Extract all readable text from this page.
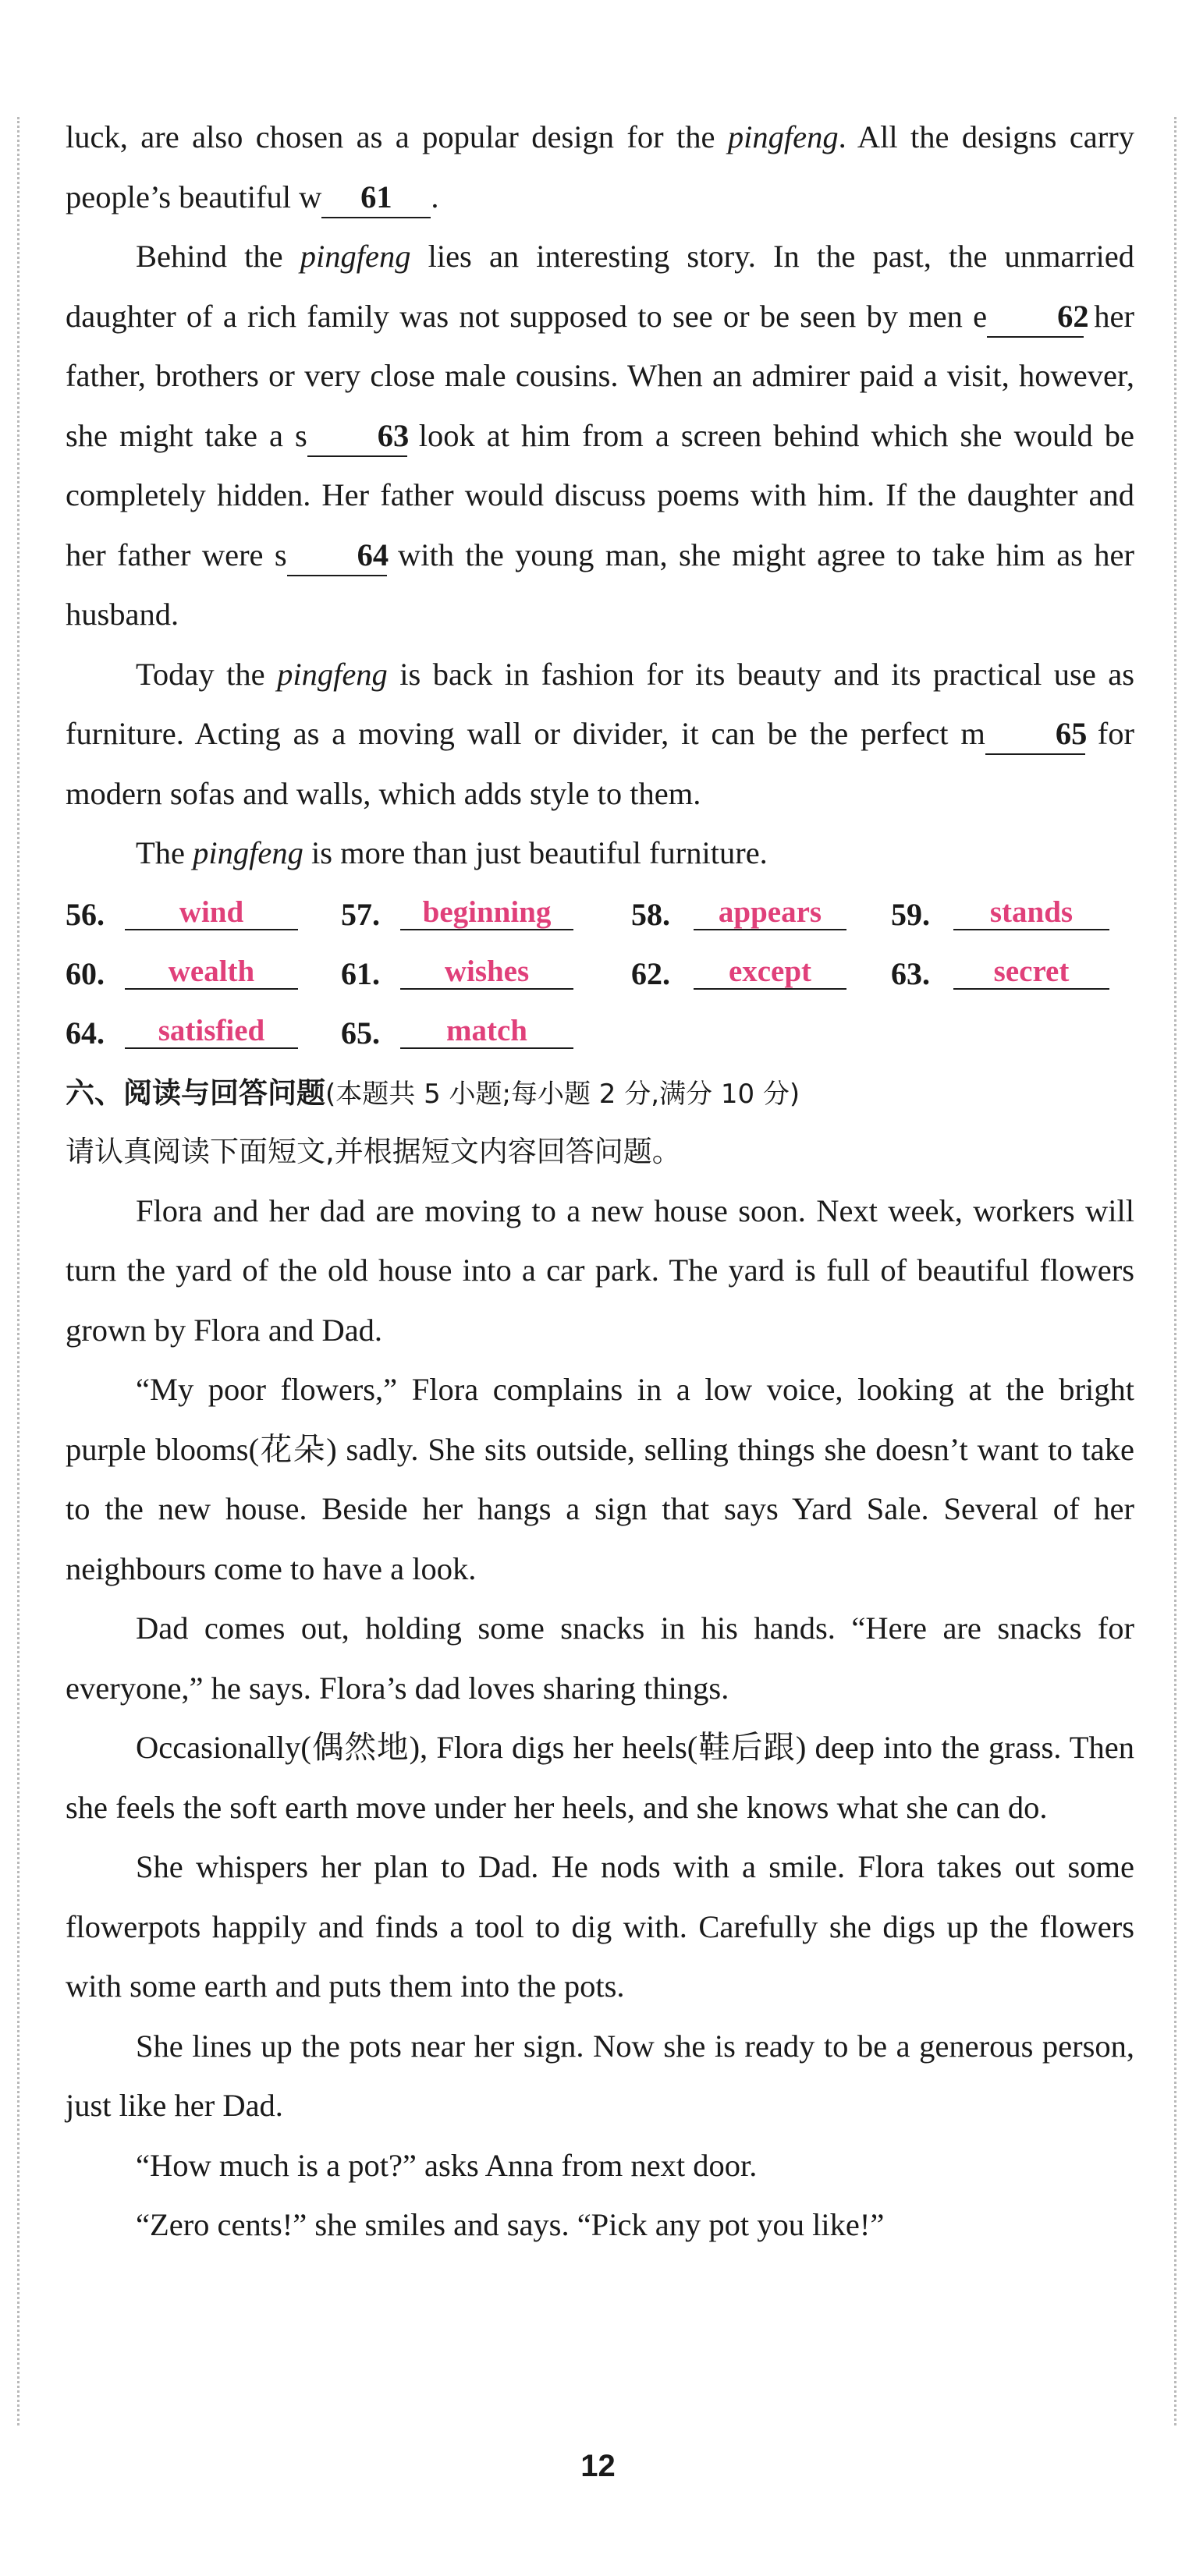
luck, are also chosen as a popular design for the pingfeng. All the designs carry people’s beautiful w 61 .

Behind the pingfeng lies an interesting story. In the past, the unmarried daughter of a rich family was not supposed to see or be seen by men e 62 her father, brothers or very close male cousins. When an admirer paid a visit, however, she might take a s 63 look at him from a screen behind which she would be completely hidden. Her father would discuss poems with him. If the daughter and her father were s 64 with the young man, she might agree to take him as her husband.

Today the pingfeng is back in fashion for its beauty and its practical use as furniture. Acting as a moving wall or divider, it can be the perfect m 65 for modern sofas and walls, which adds style to them.

The pingfeng is more than just beautiful furniture.

56.	wind	57.	beginning	58.	appears	59.	stands
60.	wealth	61.	wishes	62.	except	63.	secret
64.	satisfied	65.	match
六、阅读与回答问题(本题共 5 小题;每小题 2 分,满分 10 分)
请认真阅读下面短文,并根据短文内容回答问题。

Flora and her dad are moving to a new house soon. Next week, workers will turn the yard of the old house into a car park. The yard is full of beautiful flowers grown by Flora and Dad.

“My poor flowers,” Flora complains in a low voice, looking at the bright purple blooms(花朵) sadly. She sits outside, selling things she doesn’t want to take to the new house. Beside her hangs a sign that says Yard Sale. Several of her neighbours come to have a look.

Dad comes out, holding some snacks in his hands. “Here are snacks for everyone,” he says. Flora’s dad loves sharing things.

Occasionally(偶然地), Flora digs her heels(鞋后跟) deep into the grass. Then she feels the soft earth move under her heels, and she knows what she can do.

She whispers her plan to Dad. He nods with a smile. Flora takes out some flowerpots happily and finds a tool to dig with. Carefully she digs up the flowers with some earth and puts them into the pots.

She lines up the pots near her sign. Now she is ready to be a generous person, just like her Dad.

“How much is a pot?” asks Anna from next door.

“Zero cents!” she smiles and says. “Pick any pot you like!”

12
